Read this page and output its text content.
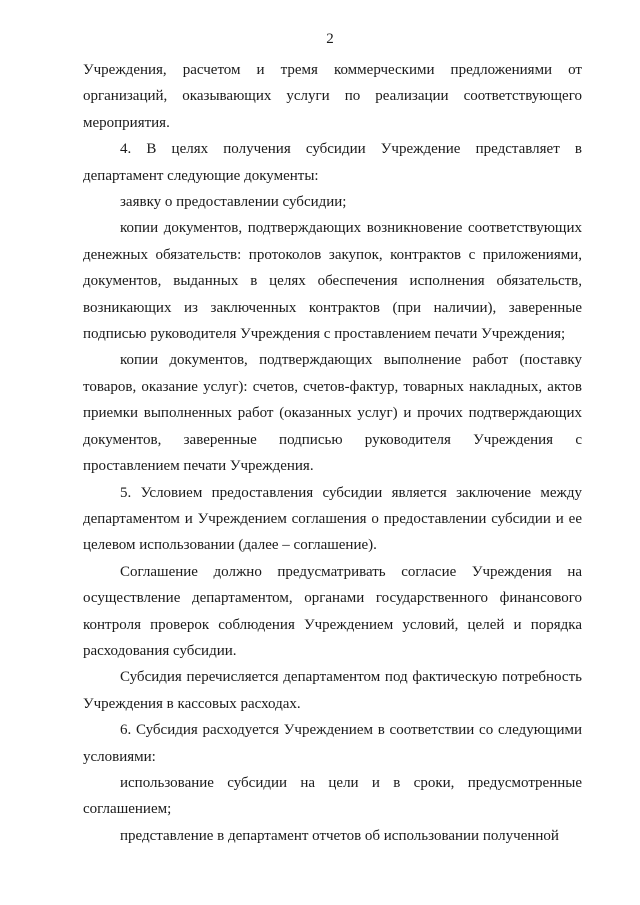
2

Учреждения, расчетом и тремя коммерческими предложениями от организаций, оказывающих услуги по реализации соответствующего мероприятия.

4. В целях получения субсидии Учреждение представляет в департамент следующие документы:

заявку о предоставлении субсидии;

копии документов, подтверждающих возникновение соответствующих денежных обязательств: протоколов закупок, контрактов с приложениями, документов, выданных в целях обеспечения исполнения обязательств, возникающих из заключенных контрактов (при наличии), заверенные подписью руководителя Учреждения с проставлением печати Учреждения;

копии документов, подтверждающих выполнение работ (поставку товаров, оказание услуг): счетов, счетов-фактур, товарных накладных, актов приемки выполненных работ (оказанных услуг) и прочих подтверждающих документов, заверенные подписью руководителя Учреждения с проставлением печати Учреждения.

5. Условием предоставления субсидии является заключение между департаментом и Учреждением соглашения о предоставлении субсидии и ее целевом использовании (далее – соглашение).

Соглашение должно предусматривать согласие Учреждения на осуществление департаментом, органами государственного финансового контроля проверок соблюдения Учреждением условий, целей и порядка расходования субсидии.

Субсидия перечисляется департаментом под фактическую потребность Учреждения в кассовых расходах.

6. Субсидия расходуется Учреждением в соответствии со следующими условиями:

использование субсидии на цели и в сроки, предусмотренные соглашением;

представление в департамент отчетов об использовании полученной
